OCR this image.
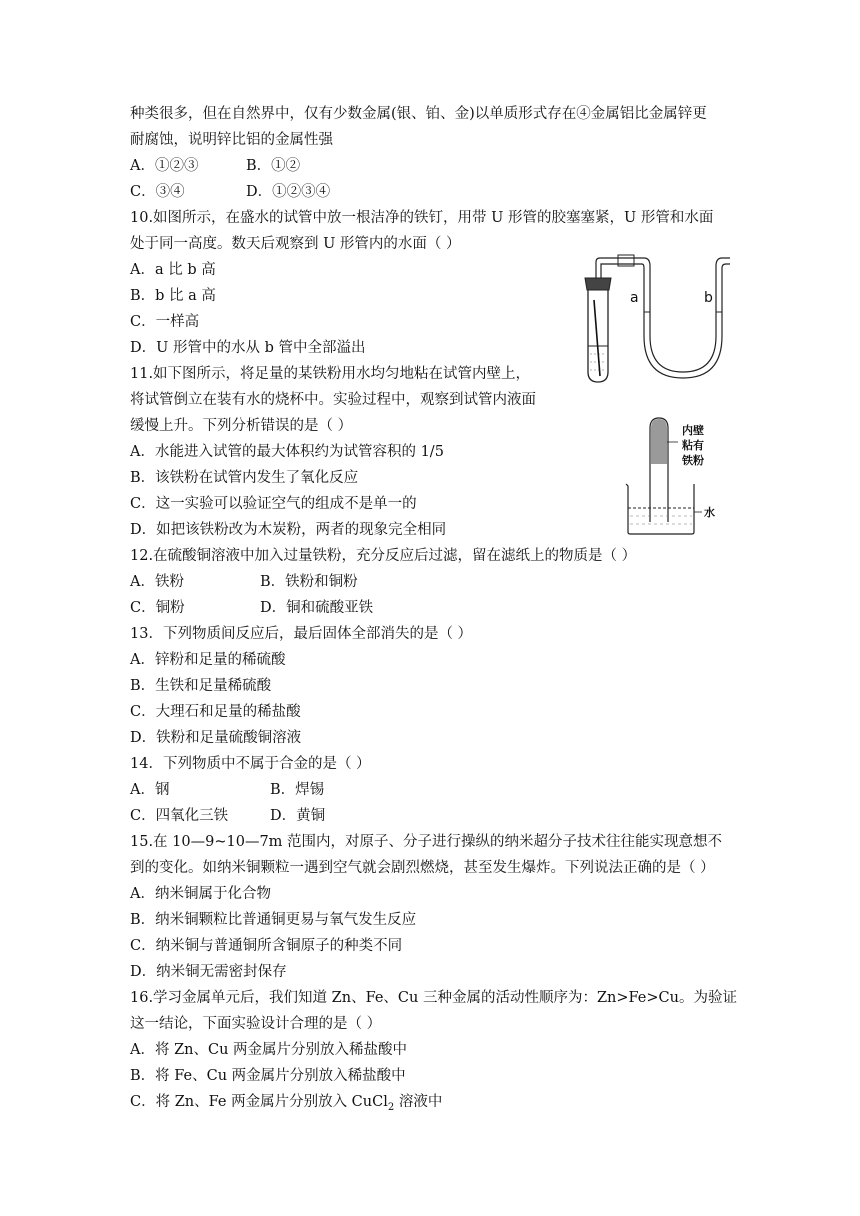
种类很多，但在自然界中，仅有少数金属(银、铂、金)以单质形式存在④金属铝比金属锌更
耐腐蚀，说明锌比铝的金属性强
A．①②③	B．①②
C．③④	D．①②③④
10.如图所示，在盛水的试管中放一根洁净的铁钉，用带 U 形管的胶塞塞紧，U 形管和水面
处于同一高度。数天后观察到 U 形管内的水面（ ）
A．a 比 b 高
B．b 比 a 高
C．一样高
D．U 形管中的水从 b 管中全部溢出
11.如下图所示，将足量的某铁粉用水均匀地粘在试管内壁上，
将试管倒立在装有水的烧杯中。实验过程中，观察到试管内液面
缓慢上升。下列分析错误的是（ ）
A．水能进入试管的最大体积约为试管容积的 1/5
B．该铁粉在试管内发生了氧化反应
C．这一实验可以验证空气的组成不是单一的
D．如把该铁粉改为木炭粉，两者的现象完全相同
12.在硫酸铜溶液中加入过量铁粉，充分反应后过滤，留在滤纸上的物质是（ ）
A．铁粉	B．铁粉和铜粉
C．铜粉	D．铜和硫酸亚铁
13．下列物质间反应后，最后固体全部消失的是（ ）
A．锌粉和足量的稀硫酸
B．生铁和足量稀硫酸
C．大理石和足量的稀盐酸
D．铁粉和足量硫酸铜溶液
14．下列物质中不属于合金的是（ ）
A．钢	B．焊锡
C．四氧化三铁	D．黄铜
15.在 10—9~10—7m 范围内，对原子、分子进行操纵的纳米超分子技术往往能实现意想不
到的变化。如纳米铜颗粒一遇到空气就会剧烈燃烧，甚至发生爆炸。下列说法正确的是（ ）
A．纳米铜属于化合物
B．纳米铜颗粒比普通铜更易与氧气发生反应
C．纳米铜与普通铜所含铜原子的种类不同
D．纳米铜无需密封保存
16.学习金属单元后，我们知道 Zn、Fe、Cu 三种金属的活动性顺序为：Zn>Fe>Cu。为验证
这一结论，下面实验设计合理的是（ ）
A．将 Zn、Cu 两金属片分别放入稀盐酸中
B．将 Fe、Cu 两金属片分别放入稀盐酸中
C．将 Zn、Fe 两金属片分别放入 CuCl$_2$ 溶液中
a	b
内壁
粘有
铁粉
水
